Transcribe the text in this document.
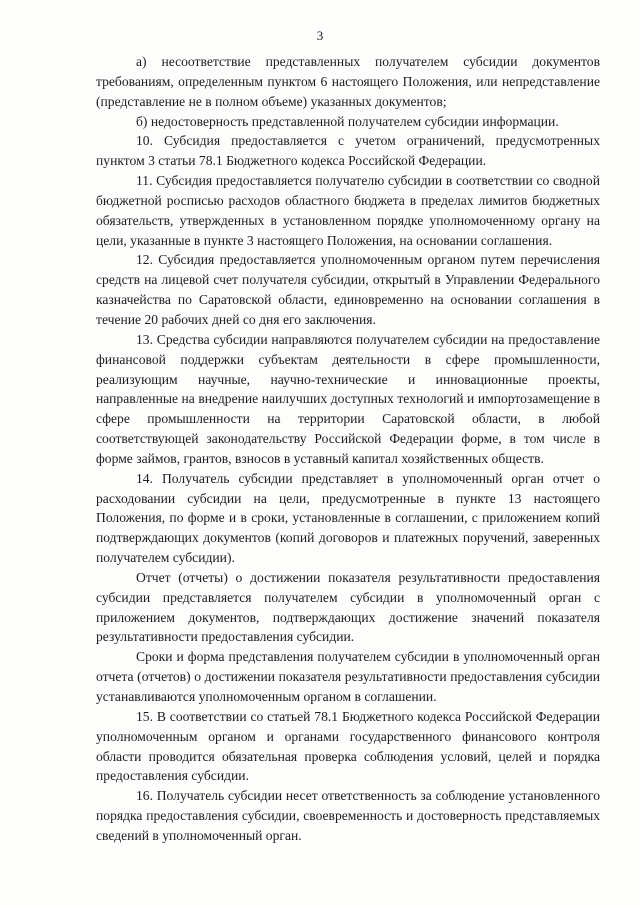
3

а) несоответствие представленных получателем субсидии документов требованиям, определенным пунктом 6 настоящего Положения, или непредставление (представление не в полном объеме) указанных документов;

б) недостоверность представленной получателем субсидии информации.

10. Субсидия предоставляется с учетом ограничений, предусмотренных пунктом 3 статьи 78.1 Бюджетного кодекса Российской Федерации.

11. Субсидия предоставляется получателю субсидии в соответствии со сводной бюджетной росписью расходов областного бюджета в пределах лимитов бюджетных обязательств, утвержденных в установленном порядке уполномоченному органу на цели, указанные в пункте 3 настоящего Положения, на основании соглашения.

12. Субсидия предоставляется уполномоченным органом путем перечисления средств на лицевой счет получателя субсидии, открытый в Управлении Федерального казначейства по Саратовской области, единовременно на основании соглашения в течение 20 рабочих дней со дня его заключения.

13. Средства субсидии направляются получателем субсидии на предоставление финансовой поддержки субъектам деятельности в сфере промышленности, реализующим научные, научно-технические и инновационные проекты, направленные на внедрение наилучших доступных технологий и импортозамещение в сфере промышленности на территории Саратовской области, в любой соответствующей законодательству Российской Федерации форме, в том числе в форме займов, грантов, взносов в уставный капитал хозяйственных обществ.

14. Получатель субсидии представляет в уполномоченный орган отчет о расходовании субсидии на цели, предусмотренные в пункте 13 настоящего Положения, по форме и в сроки, установленные в соглашении, с приложением копий подтверждающих документов (копий договоров и платежных поручений, заверенных получателем субсидии).

Отчет (отчеты) о достижении показателя результативности предоставления субсидии представляется получателем субсидии в уполномоченный орган с приложением документов, подтверждающих достижение значений показателя результативности предоставления субсидии.

Сроки и форма представления получателем субсидии в уполномоченный орган отчета (отчетов) о достижении показателя результативности предоставления субсидии устанавливаются уполномоченным органом в соглашении.

15. В соответствии со статьей 78.1 Бюджетного кодекса Российской Федерации уполномоченным органом и органами государственного финансового контроля области проводится обязательная проверка соблюдения условий, целей и порядка предоставления субсидии.

16. Получатель субсидии несет ответственность за соблюдение установленного порядка предоставления субсидии, своевременность и достоверность представляемых сведений в уполномоченный орган.
